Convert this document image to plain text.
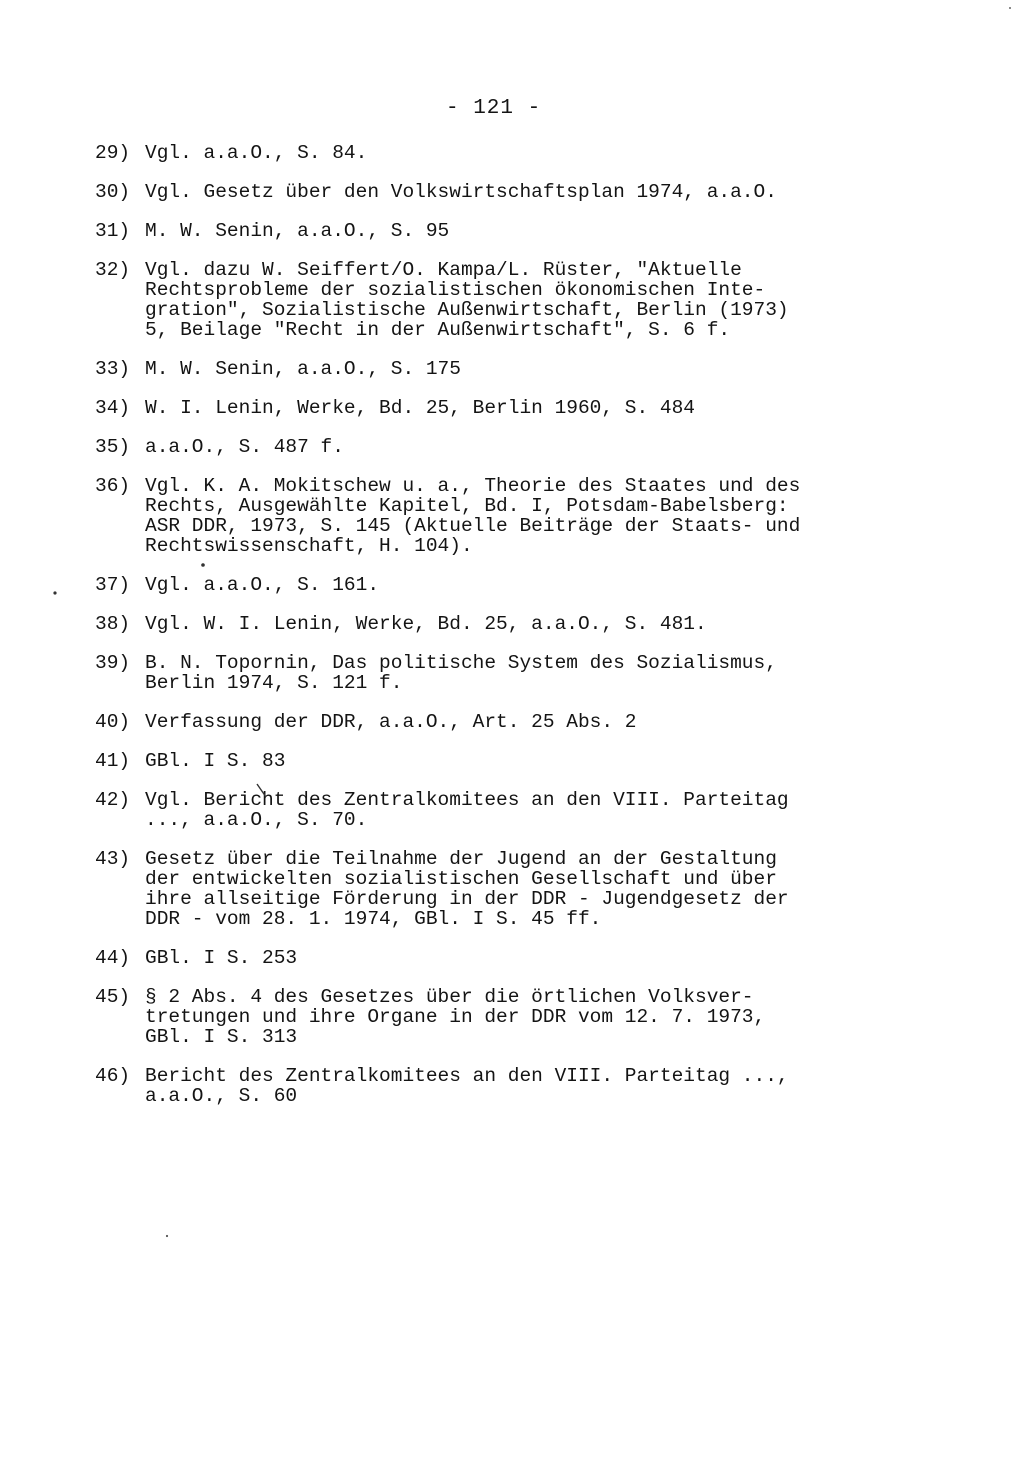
- 121 -
29) Vgl. a.a.O., S. 84.
30) Vgl. Gesetz über den Volkswirtschaftsplan 1974, a.a.O.
31) M. W. Senin, a.a.O., S. 95
32) Vgl. dazu W. Seiffert/O. Kampa/L. Rüster, "Aktuelle
Rechtsprobleme der sozialistischen ökonomischen Inte-
gration", Sozialistische Außenwirtschaft, Berlin (1973)
5, Beilage "Recht in der Außenwirtschaft", S. 6 f.
33) M. W. Senin, a.a.O., S. 175
34) W. I. Lenin, Werke, Bd. 25, Berlin 1960, S. 484
35) a.a.O., S. 487 f.
36) Vgl. K. A. Mokitschew u. a., Theorie des Staates und des
Rechts, Ausgewählte Kapitel, Bd. I, Potsdam-Babelsberg:
ASR DDR, 1973, S. 145 (Aktuelle Beiträge der Staats- und
Rechtswissenschaft, H. 104).
37) Vgl. a.a.O., S. 161.
38) Vgl. W. I. Lenin, Werke, Bd. 25, a.a.O., S. 481.
39) B. N. Topornin, Das politische System des Sozialismus,
Berlin 1974, S. 121 f.
40) Verfassung der DDR, a.a.O., Art. 25 Abs. 2
41) GBl. I S. 83
42) Vgl. Bericht des Zentralkomitees an den VIII. Parteitag
..., a.a.O., S. 70.
43) Gesetz über die Teilnahme der Jugend an der Gestaltung
der entwickelten sozialistischen Gesellschaft und über
ihre allseitige Förderung in der DDR - Jugendgesetz der
DDR - vom 28. 1. 1974, GBl. I S. 45 ff.
44) GBl. I S. 253
45) § 2 Abs. 4 des Gesetzes über die örtlichen Volksver-
tretungen und ihre Organe in der DDR vom 12. 7. 1973,
GBl. I S. 313
46) Bericht des Zentralkomitees an den VIII. Parteitag ...,
a.a.O., S. 60
